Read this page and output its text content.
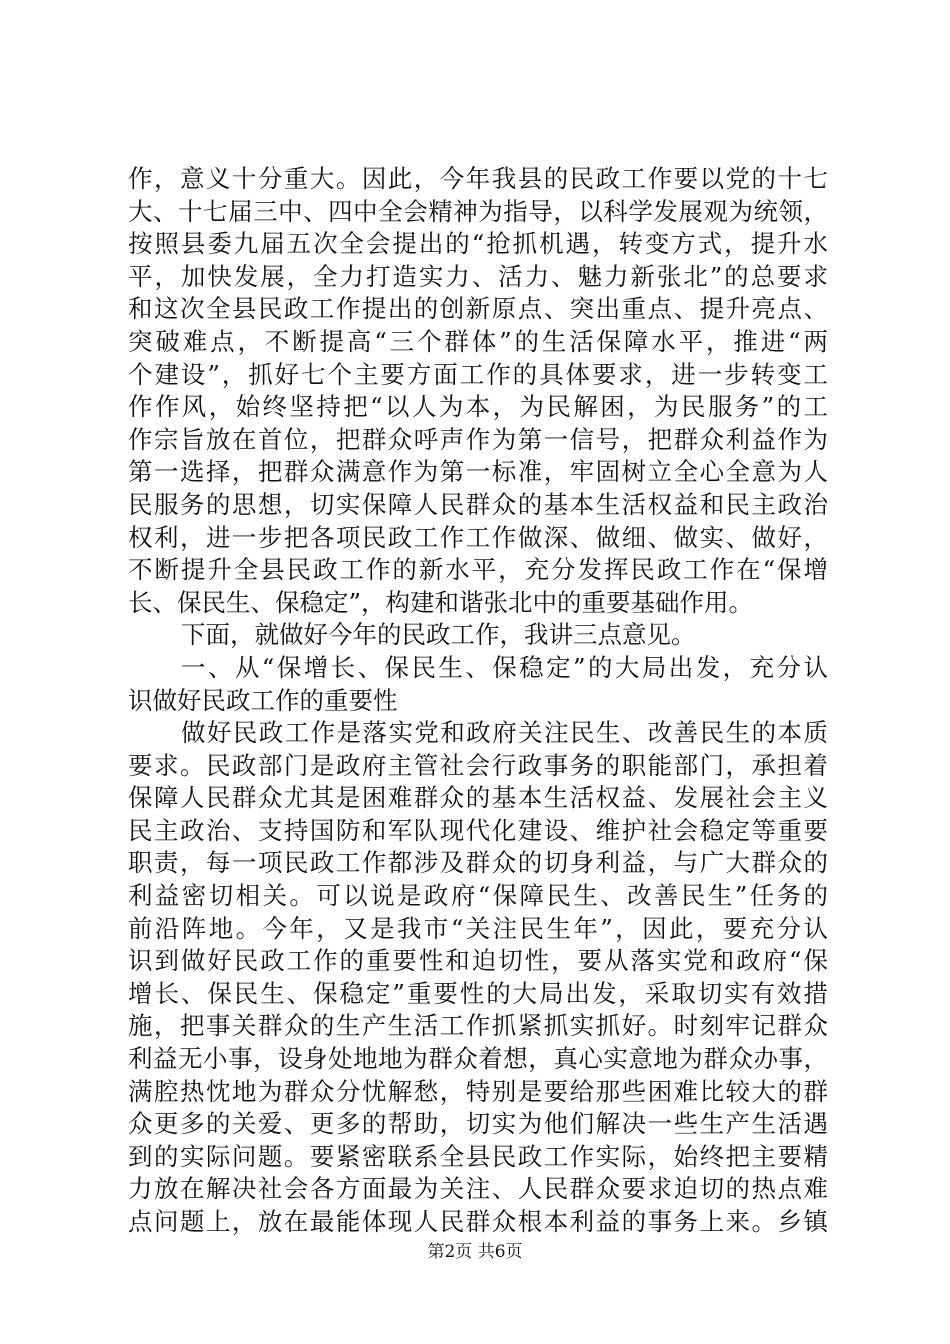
作，意义十分重大。因此，今年我县的民政工作要以党的十七
大、十七届三中、四中全会精神为指导，以科学发展观为统领，
按照县委九届五次全会提出的“抢抓机遇，转变方式，提升水
平，加快发展，全力打造实力、活力、魅力新张北”的总要求
和这次全县民政工作提出的创新原点、突出重点、提升亮点、
突破难点，不断提高“三个群体”的生活保障水平，推进“两
个建设”，抓好七个主要方面工作的具体要求，进一步转变工
作作风，始终坚持把“以人为本，为民解困，为民服务”的工
作宗旨放在首位，把群众呼声作为第一信号，把群众利益作为
第一选择，把群众满意作为第一标准，牢固树立全心全意为人
民服务的思想，切实保障人民群众的基本生活权益和民主政治
权利，进一步把各项民政工作工作做深、做细、做实、做好，
不断提升全县民政工作的新水平，充分发挥民政工作在“保增
长、保民生、保稳定”，构建和谐张北中的重要基础作用。
下面，就做好今年的民政工作，我讲三点意见。
一、从“保增长、保民生、保稳定”的大局出发，充分认
识做好民政工作的重要性
做好民政工作是落实党和政府关注民生、改善民生的本质
要求。民政部门是政府主管社会行政事务的职能部门，承担着
保障人民群众尤其是困难群众的基本生活权益、发展社会主义
民主政治、支持国防和军队现代化建设、维护社会稳定等重要
职责，每一项民政工作都涉及群众的切身利益，与广大群众的
利益密切相关。可以说是政府“保障民生、改善民生”任务的
前沿阵地。今年，又是我市“关注民生年”，因此，要充分认
识到做好民政工作的重要性和迫切性，要从落实党和政府“保
增长、保民生、保稳定”重要性的大局出发，采取切实有效措
施，把事关群众的生产生活工作抓紧抓实抓好。时刻牢记群众
利益无小事，设身处地地为群众着想，真心实意地为群众办事，
满腔热忱地为群众分忧解愁，特别是要给那些困难比较大的群
众更多的关爱、更多的帮助，切实为他们解决一些生产生活遇
到的实际问题。要紧密联系全县民政工作实际，始终把主要精
力放在解决社会各方面最为关注、人民群众要求迫切的热点难
点问题上，放在最能体现人民群众根本利益的事务上来。乡镇
第2页 共6页
